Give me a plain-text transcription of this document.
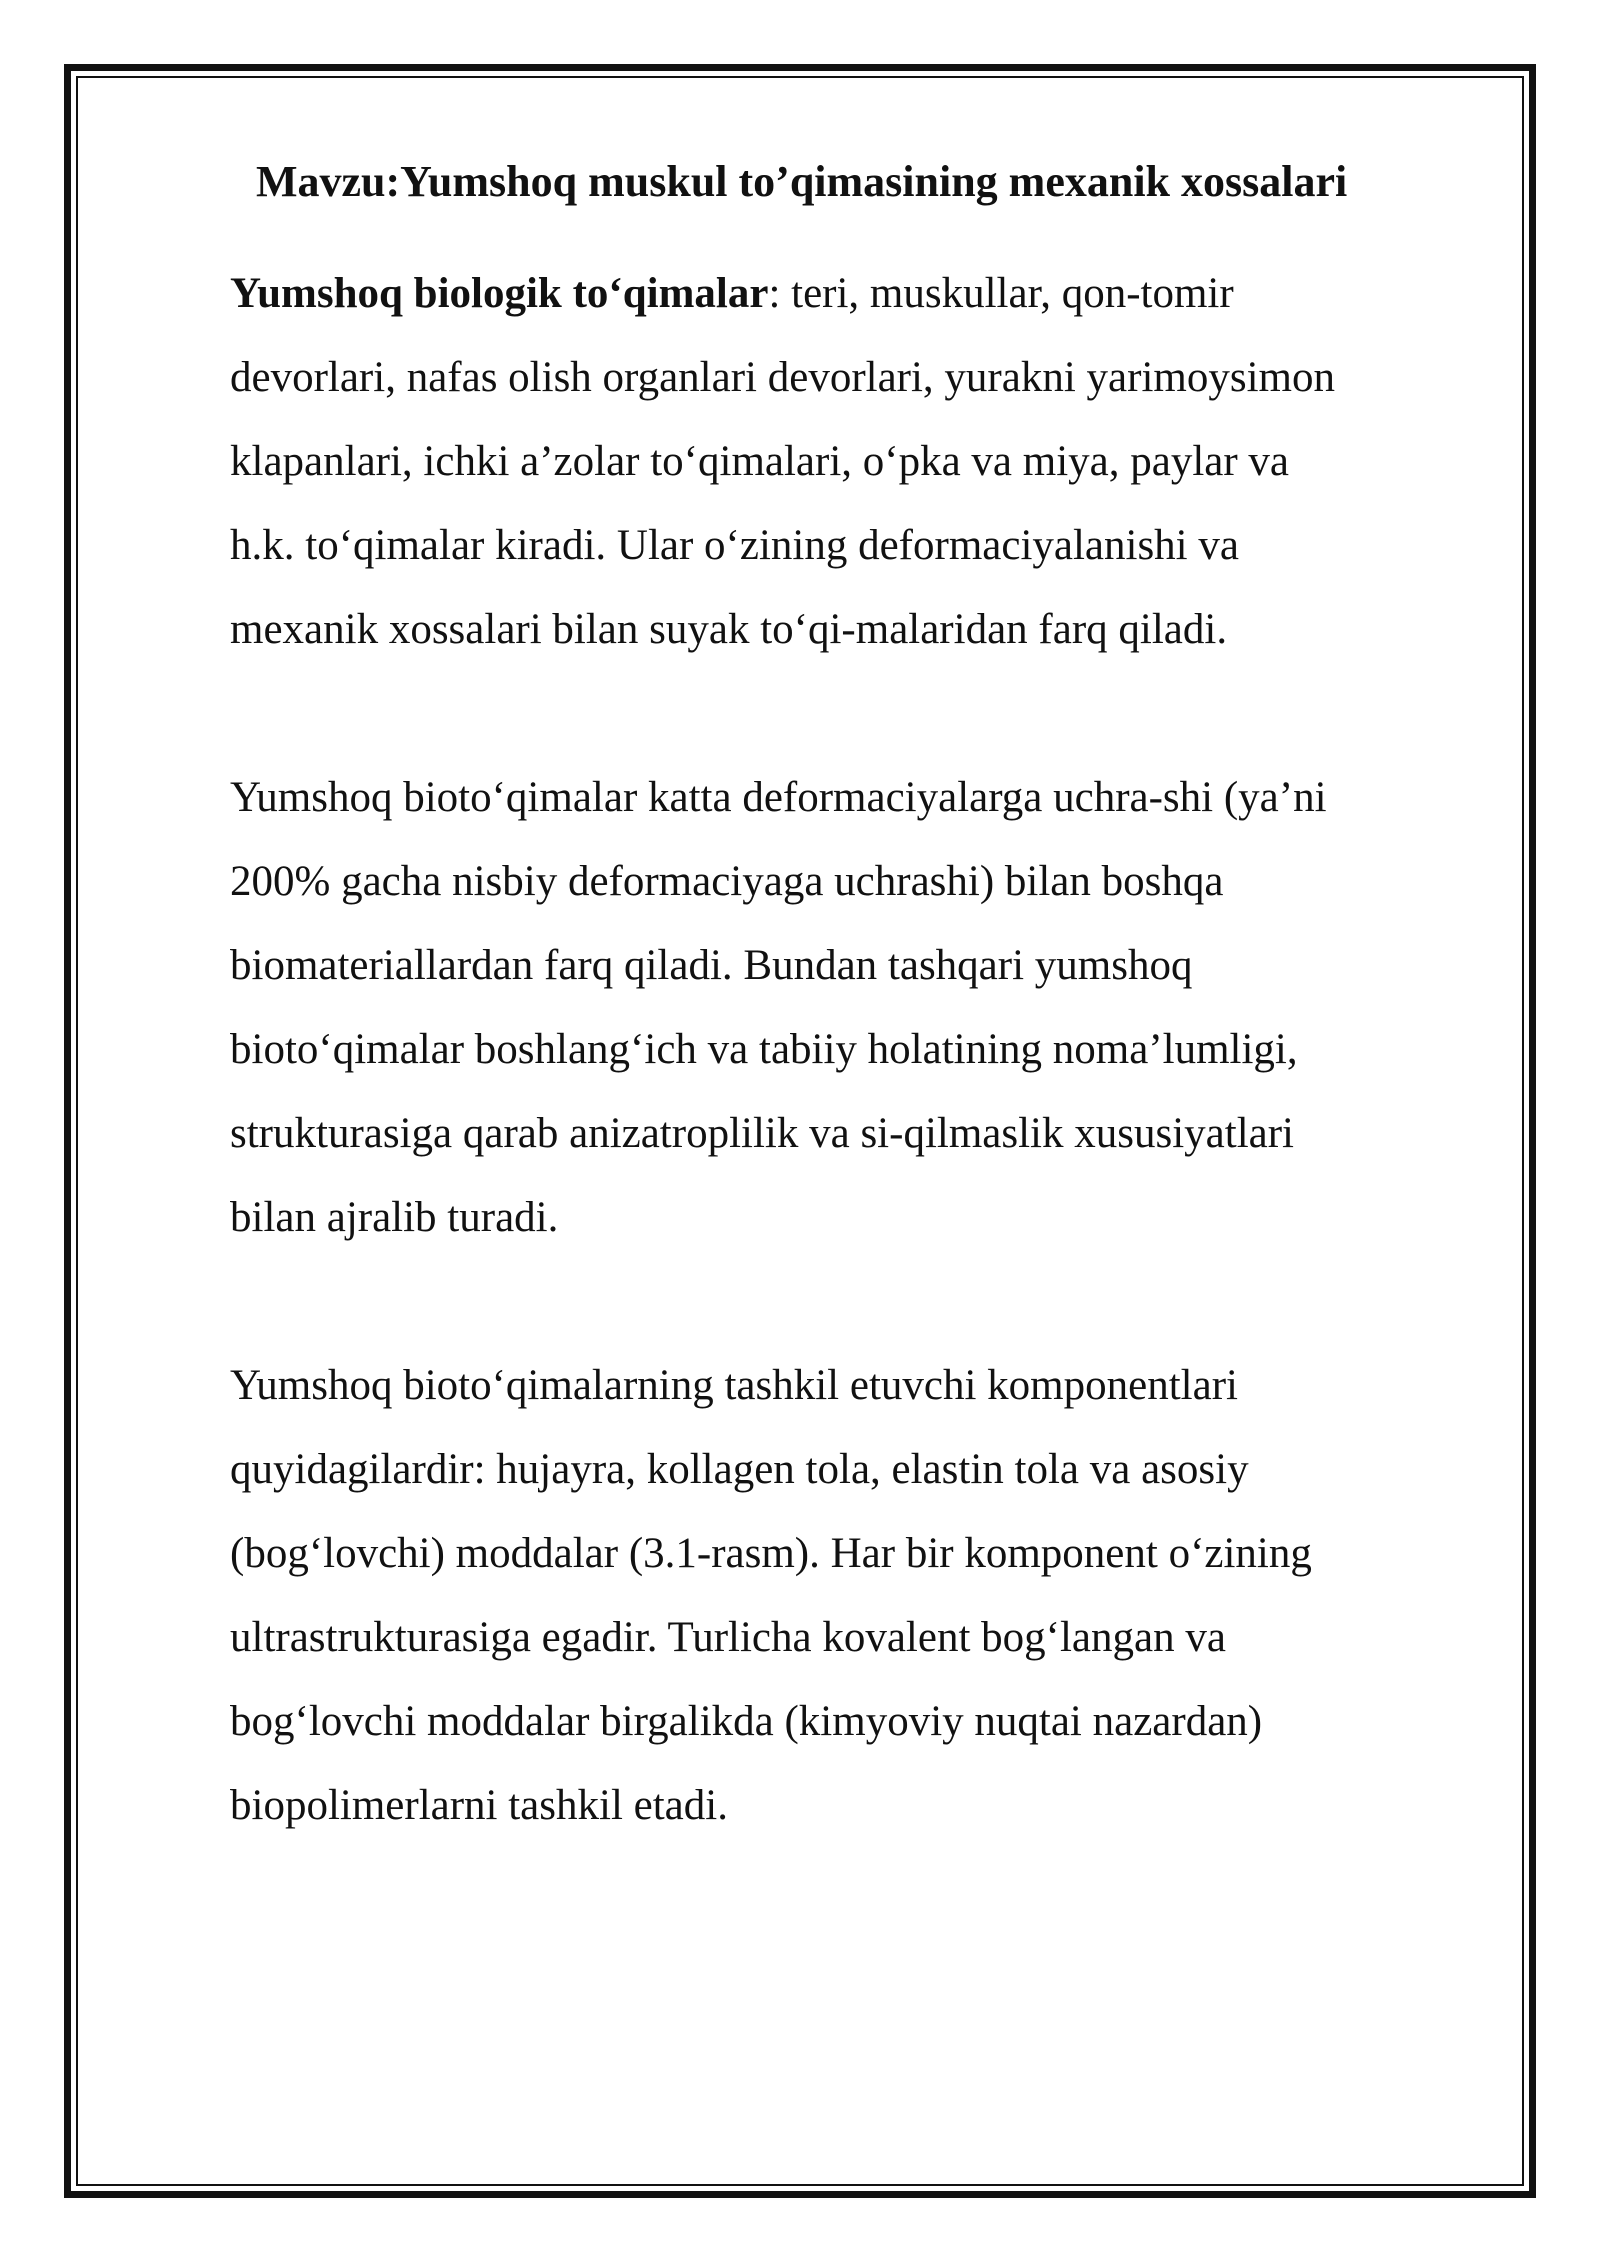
Mavzu:Yumshoq muskul to’qimasining mexanik xossalari

Yumshoq biologik to‘qimalar: teri, muskullar, qon-tomir
devorlari, nafas olish organlari devorlari, yurakni yarimoysimon
klapanlari, ichki a’zolar to‘qimalari, o‘pka va miya, paylar va
h.k. to‘qimalar kiradi. Ular o‘zining deformaciyalanishi va
mexanik xossalari bilan suyak to‘qi-malaridan farq qiladi.

Yumshoq bioto‘qimalar katta deformaciyalarga uchra-shi (ya’ni
200% gacha nisbiy deformaciyaga uchrashi) bilan boshqa
biomateriallardan farq qiladi. Bundan tashqari yumshoq
bioto‘qimalar boshlang‘ich va tabiiy holatining noma’lumligi,
strukturasiga qarab anizatroplilik va si-qilmaslik xususiyatlari
bilan ajralib turadi.

Yumshoq bioto‘qimalarning tashkil etuvchi komponentlari
quyidagilardir: hujayra, kollagen tola, elastin tola va asosiy
(bog‘lovchi) moddalar (3.1-rasm). Har bir komponent o‘zining
ultrastrukturasiga egadir. Turlicha kovalent bog‘langan va
bog‘lovchi moddalar birgalikda (kimyoviy nuqtai nazardan)
biopolimerlarni tashkil etadi.
